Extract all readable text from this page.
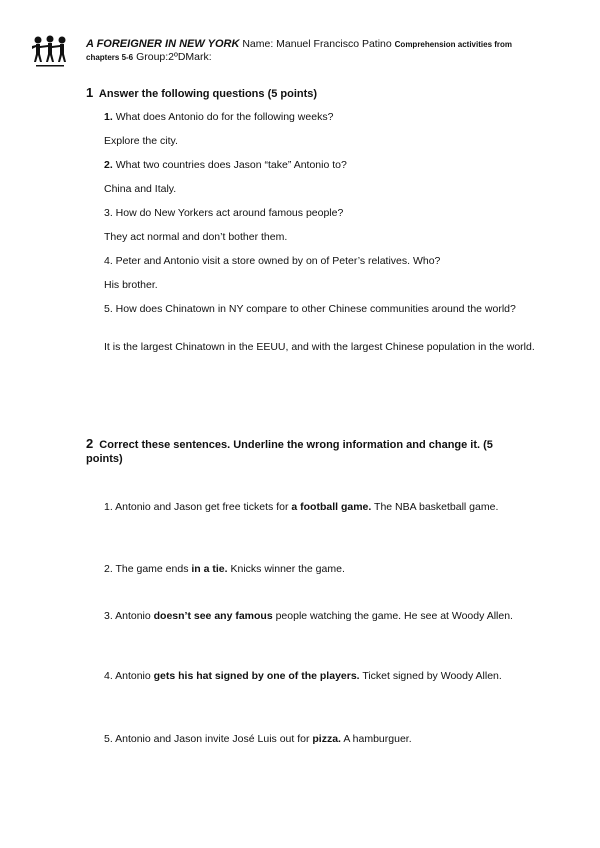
A FOREIGNER IN NEW YORK Name: Manuel Francisco Patino Comprehension activities from
chapters 5-6 Group:2ºDMark:
1 Answer the following questions (5 points)
1. What does Antonio do for the following weeks?
Explore the city.
2. What two countries does Jason “take” Antonio to?
China and Italy.
3. How do New Yorkers act around famous people?
They act normal and don’t bother them.
4. Peter and Antonio visit a store owned by on of Peter’s relatives. Who?
His brother.
5. How does Chinatown in NY compare to other Chinese communities around the world?
It is the largest Chinatown in the EEUU, and with the largest Chinese population in the world.
2 Correct these sentences. Underline the wrong information and change it. (5 points)
1. Antonio and Jason get free tickets for a football game. The NBA basketball game.
2. The game ends in a tie. Knicks winner the game.
3. Antonio doesn’t see any famous people watching the game. He see at Woody Allen.
4. Antonio gets his hat signed by one of the players. Ticket signed by Woody Allen.
5. Antonio and Jason invite José Luis out for pizza. A hamburguer.
